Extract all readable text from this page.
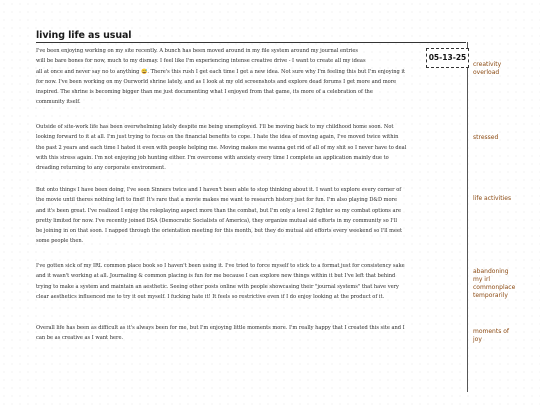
living life as usual

I've been enjoying working on my site recently. A bunch has been moved around in my file system around my journal entries
will be bare bones for now, much to my dismay. I feel like I'm experiencing intense creative drive - I want to create all my ideas
all at once and never say no to anything 😅. There's this rush I get each time I get a new idea. Not sure why I'm feeling this but I'm enjoying it
for now. I've been working on my Ourworld shrine lately, and as I look at my old screenshots and explore dead forums I get more and more
inspired. The shrine is becoming bigger than me just documenting what I enjoyed from that game, its more of a celebration of the
community itself.

creativity
overload

Outside of site-work life has been overwhelming lately despite me being unemployed. I'll be moving back to my childhood home soon. Not
looking forward to it at all. I'm just trying to focus on the financial benefits to cope. I hate the idea of moving again, I've moved twice within
the past 2 years and each time I hated it even with people helping me. Moving makes me wanna get rid of all of my shit so I never have to deal
with this stress again. I'm not enjoying job hunting either. I'm overcome with anxiety every time I complete an application mainly due to
dreading returning to any corporate environment.

stressed

But onto things I have been doing, I've seen Sinners twice and I haven't been able to stop thinking about it. I want to explore every corner of
the movie until theres nothing left to find! It's rare that a movie makes me want to research history just for fun. I'm also playing D&D more
and it's been great. I've realized I enjoy the roleplaying aspect more than the combat, but I'm only a level 2 fighter so my combat options are
pretty limited for now. I've recently joined DSA (Democratic Socialists of America), they organize mutual aid efforts in my community so I'll
be joining in on that soon. I napped through the orientation meeting for this month, but they do mutual aid efforts every weekend so I'll meet
some people then.

life activities

I've gotten sick of my IRL common place book so I haven't been using it. I've tried to force myself to stick to a format just for consistency sake
and it wasn't working at all. Journaling & common placing is fun for me because I can explore new things within it but I've left that behind
trying to make a system and maintain an aesthetic. Seeing other posts online with people showcasing their "journal systems" that have very
clear aesthetics influenced me to try it out myself. I fucking hate it! It feels so restrictive even if I do enjoy looking at the product of it.

abandoning
my irl
commonplace
temporarily

Overall life has been as difficult as it's always been for me, but I'm enjoying little moments more. I'm really happy that I created this site and I
can be as creative as I want here.

moments of
joy
05-13-25
